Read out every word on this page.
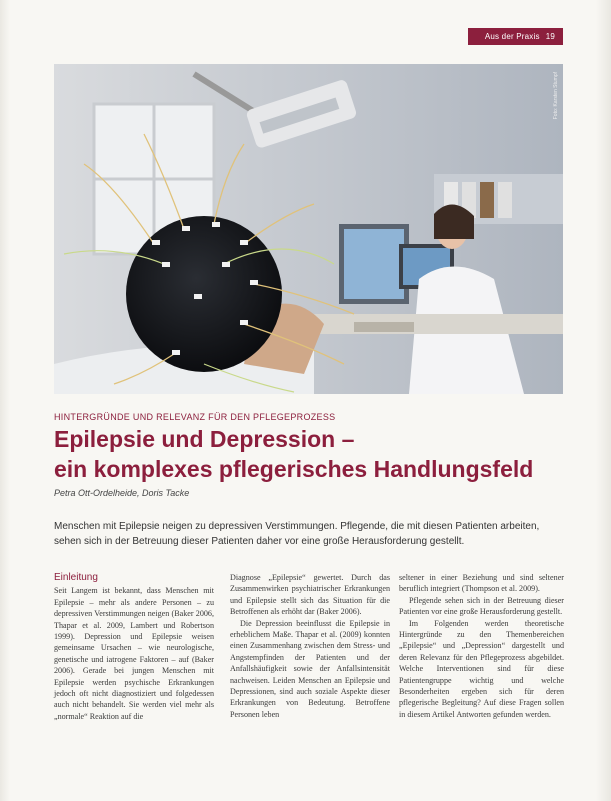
Aus der Praxis 19
Foto: Karsten Stumpf
HINTERGRÜNDE UND RELEVANZ FÜR DEN PFLEGEPROZESS
Epilepsie und Depression –
ein komplexes pflegerisches Handlungsfeld
Petra Ott-Ordelheide, Doris Tacke
Menschen mit Epilepsie neigen zu depressiven Verstimmungen. Pflegende, die mit diesen Patienten arbeiten, sehen sich in der Betreuung dieser Patienten daher vor eine große Herausforderung gestellt.
Einleitung

Seit Langem ist bekannt, dass Menschen mit Epilepsie – mehr als andere Personen – zu depressiven Verstimmungen neigen (Baker 2006, Thapar et al. 2009, Lambert und Robertson 1999). Depression und Epilepsie weisen gemeinsame Ursachen – wie neurologische, genetische und iatrogene Faktoren – auf (Baker 2006). Gerade bei jungen Menschen mit Epilepsie werden psychische Erkrankungen jedoch oft nicht diagnostiziert und folgedessen auch nicht behandelt. Sie werden viel mehr als „normale“ Reaktion auf die

Diagnose „Epilepsie“ gewertet. Durch das Zusammenwirken psychiatrischer Erkrankungen und Epilepsie stellt sich das Situation für die Betroffenen als erhöht dar (Baker 2006).

Die Depression beeinflusst die Epilepsie in erheblichem Maße. Thapar et al. (2009) konnten einen Zusammenhang zwischen dem Stress- und Angstempfinden der Patienten und der Anfallshäufigkeit sowie der Anfallsintensität nachweisen. Leiden Menschen an Epilepsie und Depressionen, sind auch soziale Aspekte dieser Erkrankungen von Bedeutung. Betroffene Personen leben

seltener in einer Beziehung und sind seltener beruflich integriert (Thompson et al. 2009).

Pflegende sehen sich in der Betreuung dieser Patienten vor eine große Herausforderung gestellt.

Im Folgenden werden theoretische Hintergründe zu den Themenbereichen „Epilepsie“ und „Depression“ dargestellt und deren Relevanz für den Pflegeprozess abgebildet. Welche Interventionen sind für diese Patientengruppe wichtig und welche Besonderheiten ergeben sich für deren pflegerische Begleitung? Auf diese Fragen sollen in diesem Artikel Antworten gefunden werden.
